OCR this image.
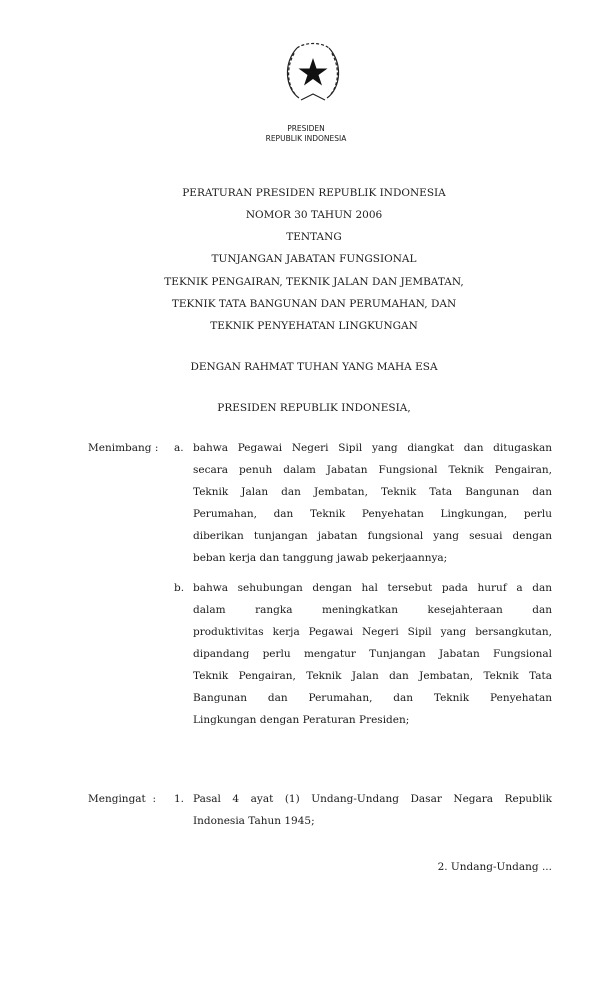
PRESIDEN
REPUBLIK INDONESIA
PERATURAN PRESIDEN REPUBLIK INDONESIA
NOMOR 30 TAHUN 2006
TENTANG
TUNJANGAN JABATAN FUNGSIONAL
TEKNIK PENGAIRAN, TEKNIK JALAN DAN JEMBATAN,
TEKNIK TATA BANGUNAN DAN PERUMAHAN, DAN
TEKNIK PENYEHATAN LINGKUNGAN
DENGAN RAHMAT TUHAN YANG MAHA ESA
PRESIDEN REPUBLIK INDONESIA,
Menimbang : a. bahwa Pegawai Negeri Sipil yang diangkat dan ditugaskan
secara penuh dalam Jabatan Fungsional Teknik Pengairan,
Teknik Jalan dan Jembatan, Teknik Tata Bangunan dan
Perumahan, dan Teknik Penyehatan Lingkungan, perlu
diberikan tunjangan jabatan fungsional yang sesuai dengan
beban kerja dan tanggung jawab pekerjaannya;
b. bahwa sehubungan dengan hal tersebut pada huruf a dan
dalam rangka meningkatkan kesejahteraan dan
produktivitas kerja Pegawai Negeri Sipil yang bersangkutan,
dipandang perlu mengatur Tunjangan Jabatan Fungsional
Teknik Pengairan, Teknik Jalan dan Jembatan, Teknik Tata
Bangunan dan Perumahan, dan Teknik Penyehatan
Lingkungan dengan Peraturan Presiden;
Mengingat  : 1. Pasal 4 ayat (1) Undang-Undang Dasar Negara Republik
Indonesia Tahun 1945;
2. Undang-Undang ...
